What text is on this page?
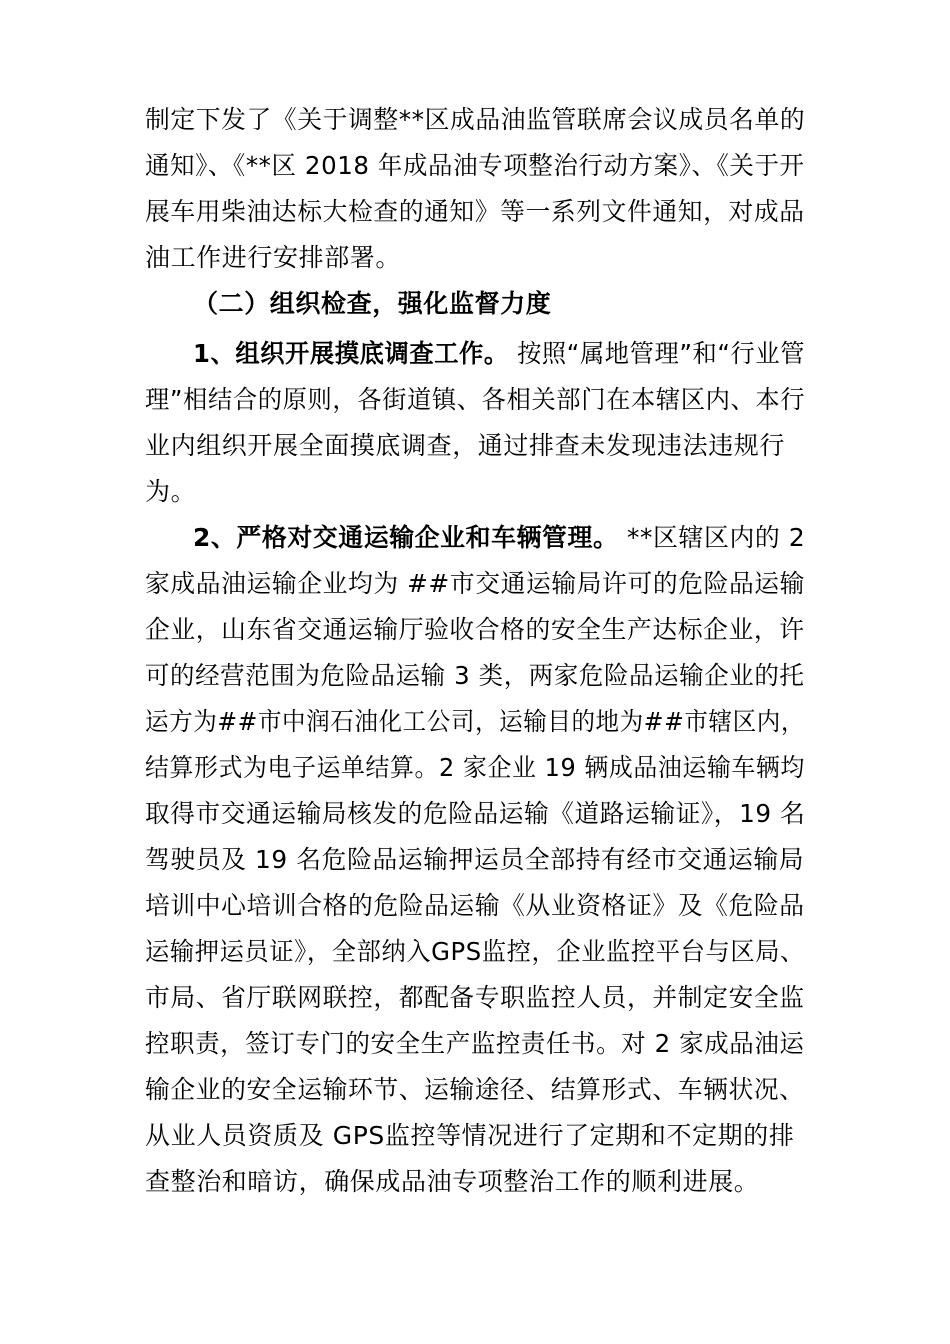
制定下发了《关于调整**区成品油监管联席会议成员名单的
通知》、《**区 2018 年成品油专项整治行动方案》、《关于开
展车用柴油达标大检查的通知》等一系列文件通知，对成品
油工作进行安排部署。
（二）组织检查，强化监督力度
1、组织开展摸底调查工作。 按照“属地管理”和“行业管
理”相结合的原则，各街道镇、各相关部门在本辖区内、本行
业内组织开展全面摸底调查，通过排查未发现违法违规行
为。
2、严格对交通运输企业和车辆管理。 **区辖区内的 2
家成品油运输企业均为 ##市交通运输局许可的危险品运输
企业，山东省交通运输厅验收合格的安全生产达标企业，许
可的经营范围为危险品运输 3 类，两家危险品运输企业的托
运方为##市中润石油化工公司，运输目的地为##市辖区内，
结算形式为电子运单结算。2 家企业 19 辆成品油运输车辆均
取得市交通运输局核发的危险品运输《道路运输证》，19 名
驾驶员及 19 名危险品运输押运员全部持有经市交通运输局
培训中心培训合格的危险品运输《从业资格证》及《危险品
运输押运员证》，全部纳入GPS监控，企业监控平台与区局、
市局、省厅联网联控，都配备专职监控人员，并制定安全监
控职责，签订专门的安全生产监控责任书。对 2 家成品油运
输企业的安全运输环节、运输途径、结算形式、车辆状况、
从业人员资质及 GPS监控等情况进行了定期和不定期的排
查整治和暗访，确保成品油专项整治工作的顺利进展。
